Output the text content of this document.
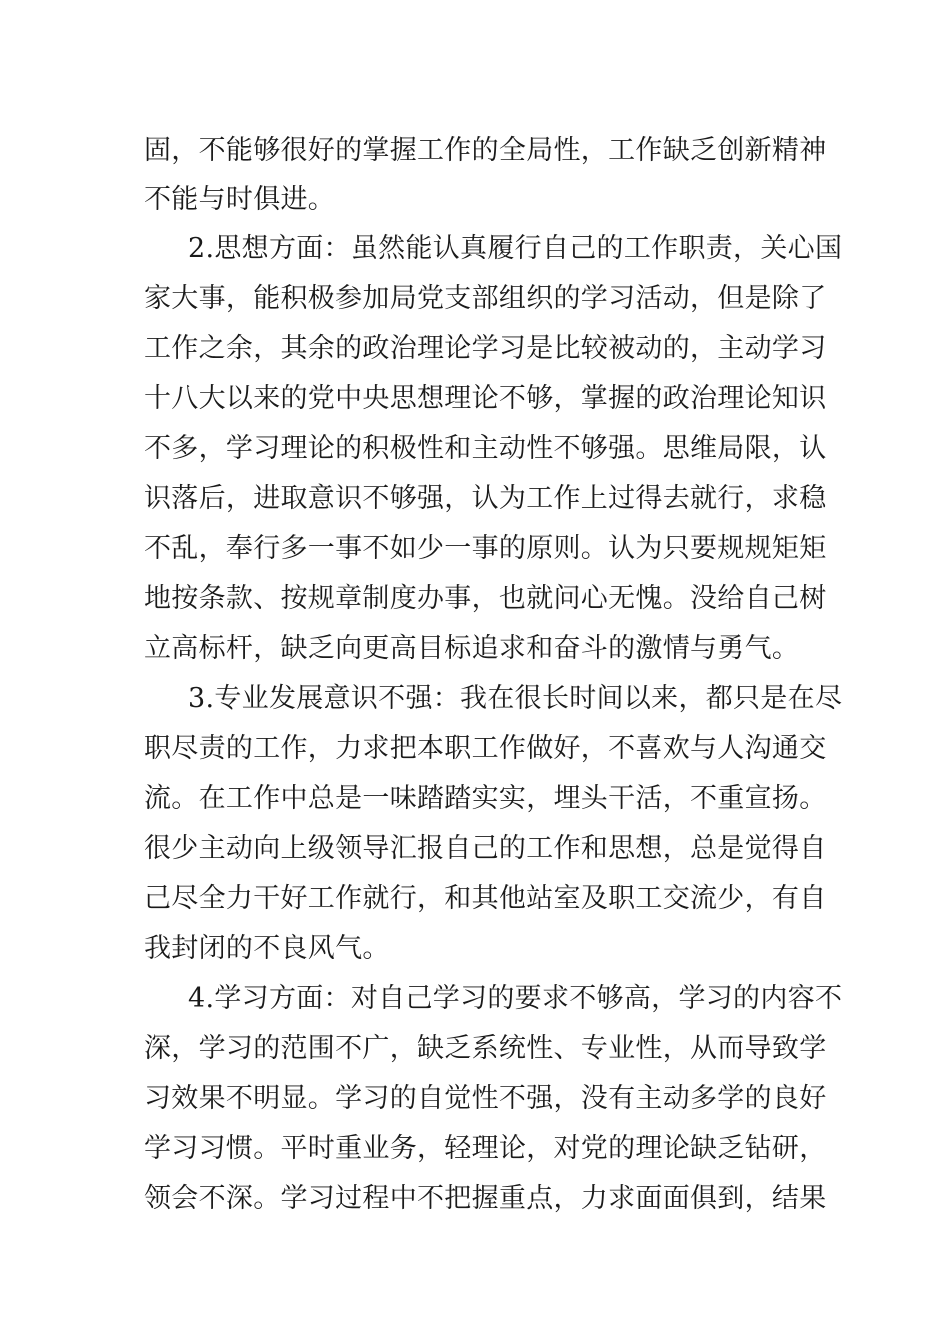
固，不能够很好的掌握工作的全局性，工作缺乏创新精神
不能与时俱进。
2.思想方面：虽然能认真履行自己的工作职责，关心国
家大事，能积极参加局党支部组织的学习活动，但是除了
工作之余，其余的政治理论学习是比较被动的，主动学习
十八大以来的党中央思想理论不够，掌握的政治理论知识
不多，学习理论的积极性和主动性不够强。思维局限，认
识落后，进取意识不够强，认为工作上过得去就行，求稳
不乱，奉行多一事不如少一事的原则。认为只要规规矩矩
地按条款、按规章制度办事，也就问心无愧。没给自己树
立高标杆，缺乏向更高目标追求和奋斗的激情与勇气。
3.专业发展意识不强：我在很长时间以来，都只是在尽
职尽责的工作，力求把本职工作做好，不喜欢与人沟通交
流。在工作中总是一味踏踏实实，埋头干活，不重宣扬。
很少主动向上级领导汇报自己的工作和思想，总是觉得自
己尽全力干好工作就行，和其他站室及职工交流少，有自
我封闭的不良风气。
4.学习方面：对自己学习的要求不够高，学习的内容不
深，学习的范围不广，缺乏系统性、专业性，从而导致学
习效果不明显。学习的自觉性不强，没有主动多学的良好
学习习惯。平时重业务，轻理论，对党的理论缺乏钻研，
领会不深。学习过程中不把握重点，力求面面俱到，结果
